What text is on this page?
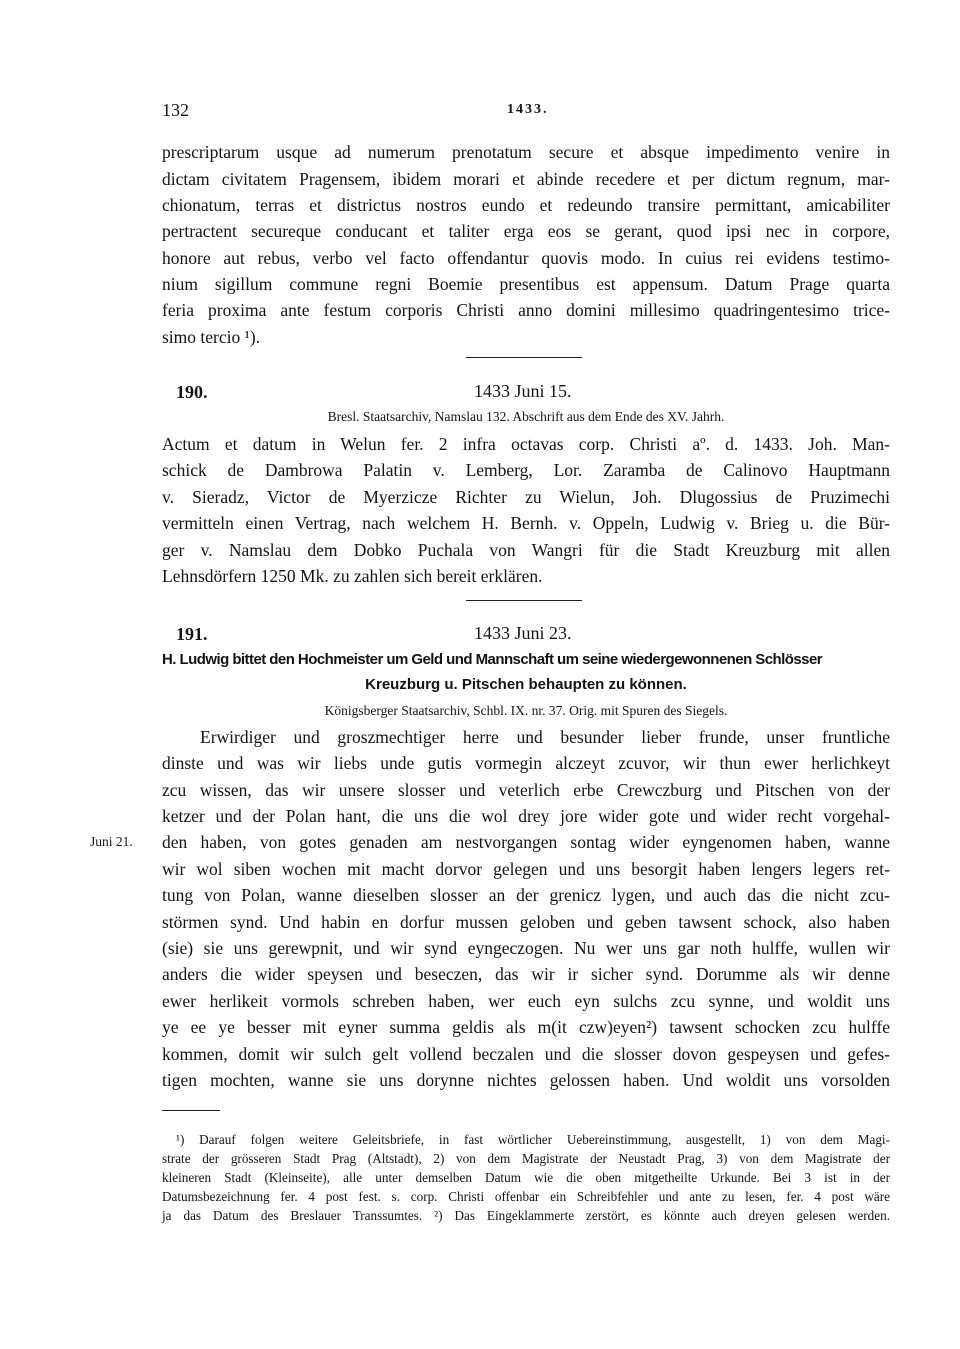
132	1433.
prescriptarum usque ad numerum prenotatum secure et absque impedimento venire in
dictam civitatem Pragensem, ibidem morari et abinde recedere et per dictum regnum, mar-
chionatum, terras et districtus nostros eundo et redeundo transire permittant, amicabiliter
pertractent secureque conducant et taliter erga eos se gerant, quod ipsi nec in corpore,
honore aut rebus, verbo vel facto offendantur quovis modo. In cuius rei evidens testimo-
nium sigillum commune regni Boemie presentibus est appensum. Datum Prage quarta
feria proxima ante festum corporis Christi anno domini millesimo quadringentesimo trice-
simo tercio ¹).
190.	1433 Juni 15.
Bresl. Staatsarchiv, Namslau 132. Abschrift aus dem Ende des XV. Jahrh.
Actum et datum in Welun fer. 2 infra octavas corp. Christi aº. d. 1433. Joh. Man-
schick de Dambrowa Palatin v. Lemberg, Lor. Zaramba de Calinovo Hauptmann
v. Sieradz, Victor de Myerzicze Richter zu Wielun, Joh. Dlugossius de Pruzimechi
vermitteln einen Vertrag, nach welchem H. Bernh. v. Oppeln, Ludwig v. Brieg u. die Bür-
ger v. Namslau dem Dobko Puchala von Wangri für die Stadt Kreuzburg mit allen
Lehnsdörfern 1250 Mk. zu zahlen sich bereit erklären.
191.	1433 Juni 23.
H. Ludwig bittet den Hochmeister um Geld und Mannschaft um seine wiedergewonnenen Schlösser
Kreuzburg u. Pitschen behaupten zu können.
Königsberger Staatsarchiv, Schbl. IX. nr. 37. Orig. mit Spuren des Siegels.
Juni 21.
Erwirdiger und groszmechtiger herre und besunder lieber frunde, unser fruntliche
dinste und was wir liebs unde gutis vormegin alczeyt zcuvor, wir thun ewer herlichkeyt
zcu wissen, das wir unsere slosser und veterlich erbe Crewczburg und Pitschen von der
ketzer und der Polan hant, die uns die wol drey jore wider gote und wider recht vorgehal-
den haben, von gotes genaden am nestvorgangen sontag wider eyngenomen haben, wanne
wir wol siben wochen mit macht dorvor gelegen und uns besorgit haben lengers legers ret-
tung von Polan, wanne dieselben slosser an der grenicz lygen, und auch das die nicht zcu-
störmen synd. Und habin en dorfur mussen geloben und geben tawsent schock, also haben
(sie) sie uns gerewpnit, und wir synd eyngeczogen. Nu wer uns gar noth hulffe, wullen wir
anders die wider speysen und beseczen, das wir ir sicher synd. Dorumme als wir denne
ewer herlikeit vormols schreben haben, wer euch eyn sulchs zcu synne, und woldit uns
ye ee ye besser mit eyner summa geldis als m(it czw)eyen²) tawsent schocken zcu hulffe
kommen, domit wir sulch gelt vollend beczalen und die slosser dovon gespeysen und gefes-
tigen mochten, wanne sie uns dorynne nichtes gelossen haben. Und woldit uns vorsolden
¹) Darauf folgen weitere Geleitsbriefe, in fast wörtlicher Uebereinstimmung, ausgestellt, 1) von dem Magi-
strate der grösseren Stadt Prag (Altstadt), 2) von dem Magistrate der Neustadt Prag, 3) von dem Magistrate der
kleineren Stadt (Kleinseite), alle unter demselben Datum wie die oben mitgetheilte Urkunde. Bei 3 ist in der
Datumsbezeichnung fer. 4 post fest. s. corp. Christi offenbar ein Schreibfehler und ante zu lesen, fer. 4 post wäre
ja das Datum des Breslauer Transsumtes. ²) Das Eingeklammerte zerstört, es könnte auch dreyen gelesen werden.
